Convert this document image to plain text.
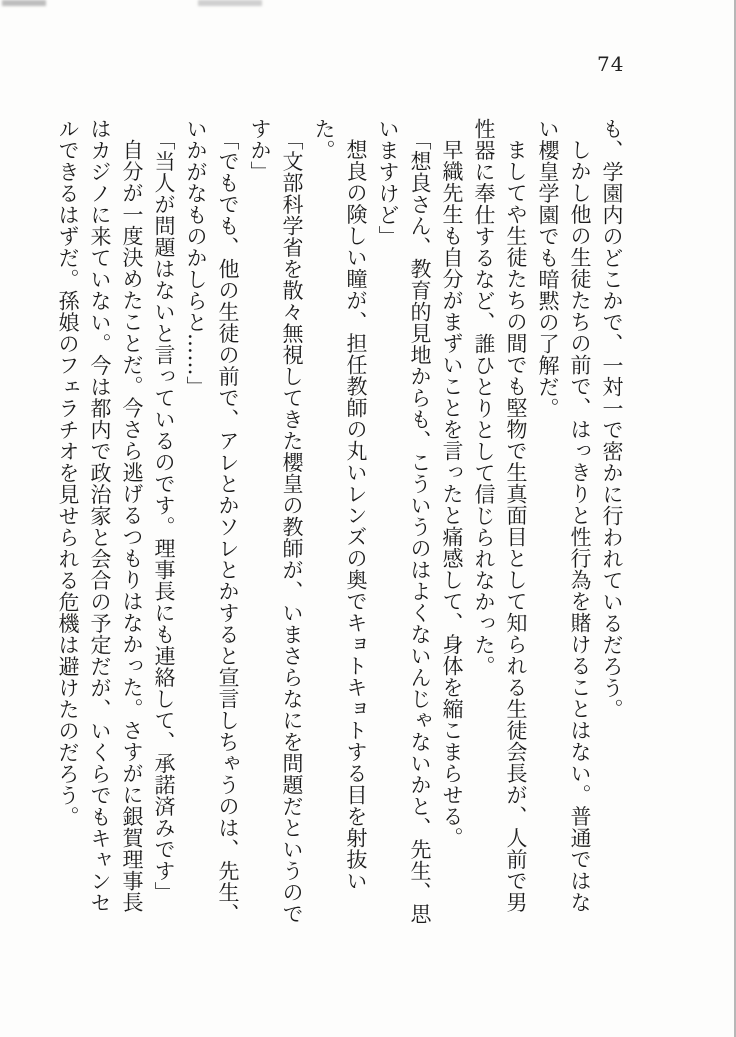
74

も、学園内のどこかで、一対一で密かに行われているだろう。

しかし他の生徒たちの前で、はっきりと性行為を賭けることはない。普通ではない櫻皇学園でも暗黙の了解だ。

ましてや生徒たちの間でも堅物で生真面目として知られる生徒会長が、人前で男性器に奉仕するなど、誰ひとりとして信じられなかった。

早織先生も自分がまずいことを言ったと痛感して、身体を縮こまらせる。

「想良さん、教育的見地からも、こういうのはよくないんじゃないかと、先生、思いますけど」

想良の険しい瞳が、担任教師の丸いレンズの奥でキョトキョトする目を射抜いた。

「文部科学省を散々無視してきた櫻皇の教師が、いまさらなにを問題だというのですか」

「でもでも、他の生徒の前で、アレとかソレとかすると宣言しちゃうのは、先生、いかがなものかしらと……」

「当人が問題はないと言っているのです。理事長にも連絡して、承諾済みです」

自分が一度決めたことだ。今さら逃げるつもりはなかった。さすがに銀賀理事長はカジノに来ていない。今は都内で政治家と会合の予定だが、いくらでもキャンセルできるはずだ。孫娘のフェラチオを見せられる危機は避けたのだろう。
